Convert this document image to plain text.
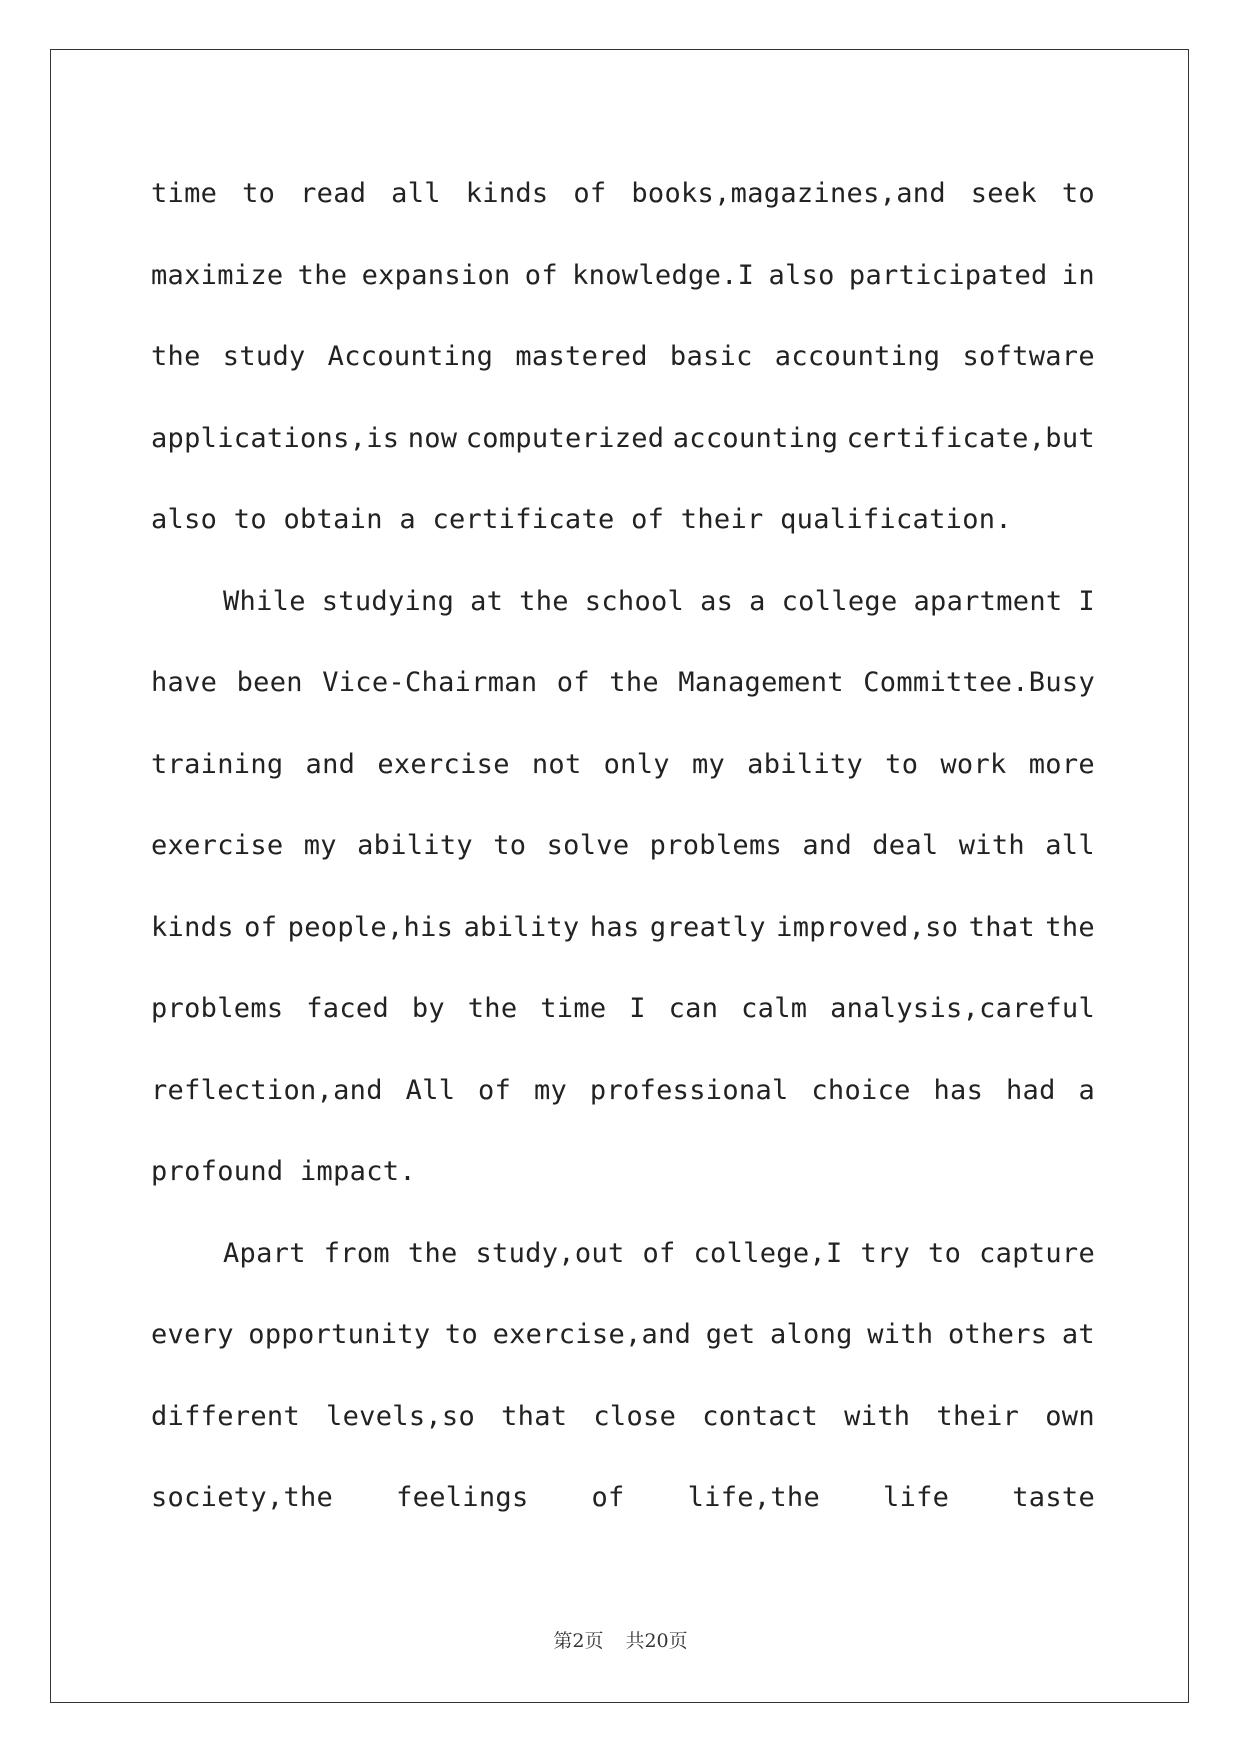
time to read all kinds of books,magazines,and seek to
maximize the expansion of knowledge.I also participated in
the study Accounting mastered basic accounting software
applications,is now computerized accounting certificate,but
also to obtain a certificate of their qualification.
While studying at the school as a college apartment I
have been Vice-Chairman of the Management Committee.Busy
training and exercise not only my ability to work more
exercise my ability to solve problems and deal with all
kinds of people,his ability has greatly improved,so that the
problems faced by the time I can calm analysis,careful
reflection,and All of my professional choice has had a
profound impact.
Apart from the study,out of college,I try to capture
every opportunity to exercise,and get along with others at
different levels,so that close contact with their own
society,the feelings of life,the life taste
第2页 共20页
